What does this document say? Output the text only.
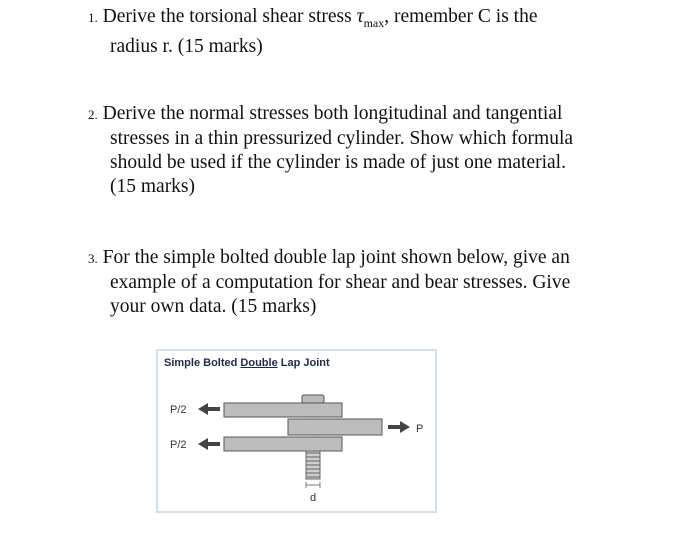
1. Derive the torsional shear stress $\tau_{max}$, remember C is the
radius r. (15 marks)
2. Derive the normal stresses both longitudinal and tangential
stresses in a thin pressurized cylinder. Show which formula
should be used if the cylinder is made of just one material.
(15 marks)
3. For the simple bolted double lap joint shown below, give an
example of a computation for shear and bear stresses. Give
your own data. (15 marks)
P/2
P/2
P
d
Simple Bolted Double Lap Joint
